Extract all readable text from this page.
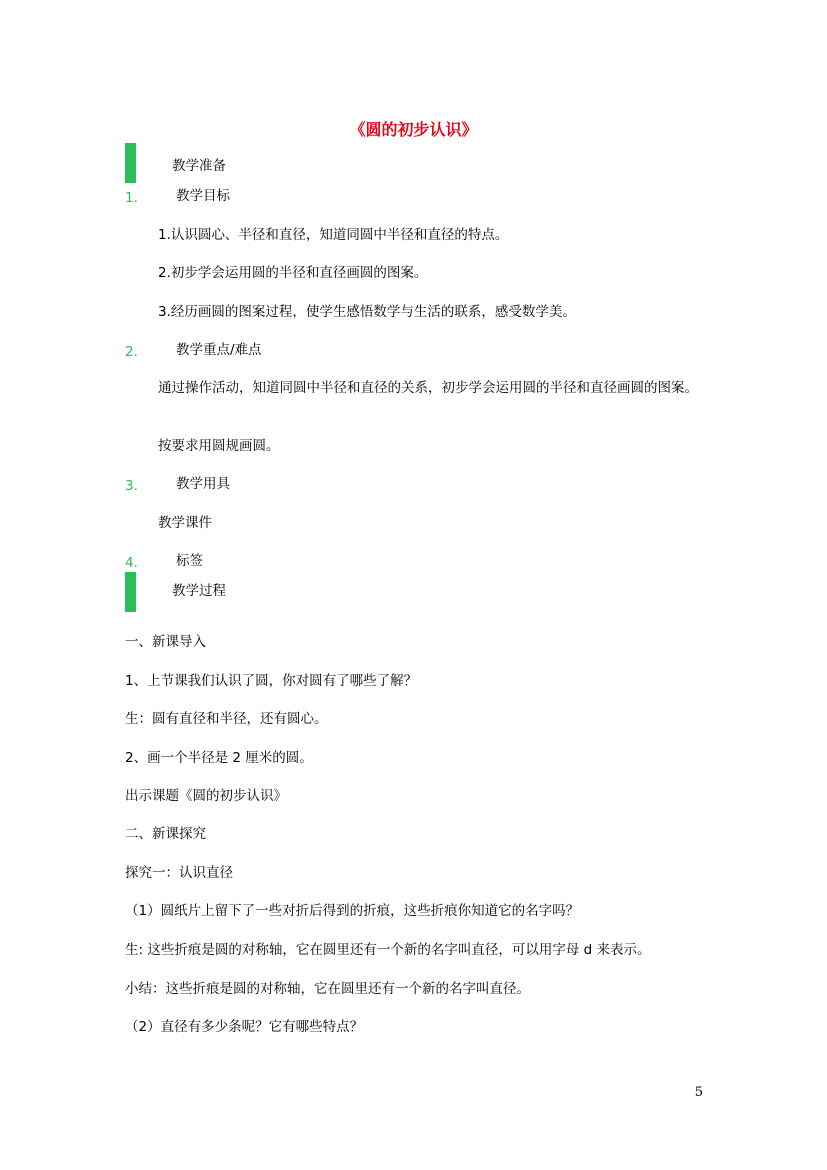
《圆的初步认识》
教学准备
1.	教学目标
1.认识圆心、半径和直径，知道同圆中半径和直径的特点。
2.初步学会运用圆的半径和直径画圆的图案。
3.经历画圆的图案过程，使学生感悟数学与生活的联系，感受数学美。
2.	教学重点/难点
通过操作活动，知道同圆中半径和直径的关系，初步学会运用圆的半径和直径画圆的图案。
按要求用圆规画圆。
3.	教学用具
教学课件
4.	标签
教学过程
一、新课导入
1、上节课我们认识了圆，你对圆有了哪些了解？
生：圆有直径和半径，还有圆心。
2、画一个半径是 2 厘米的圆。
出示课题《圆的初步认识》
二、新课探究
探究一：认识直径
（1）圆纸片上留下了一些对折后得到的折痕，这些折痕你知道它的名字吗？
生: 这些折痕是圆的对称轴，它在圆里还有一个新的名字叫直径，可以用字母 d 来表示。
小结：这些折痕是圆的对称轴，它在圆里还有一个新的名字叫直径。
（2）直径有多少条呢？它有哪些特点？
5
